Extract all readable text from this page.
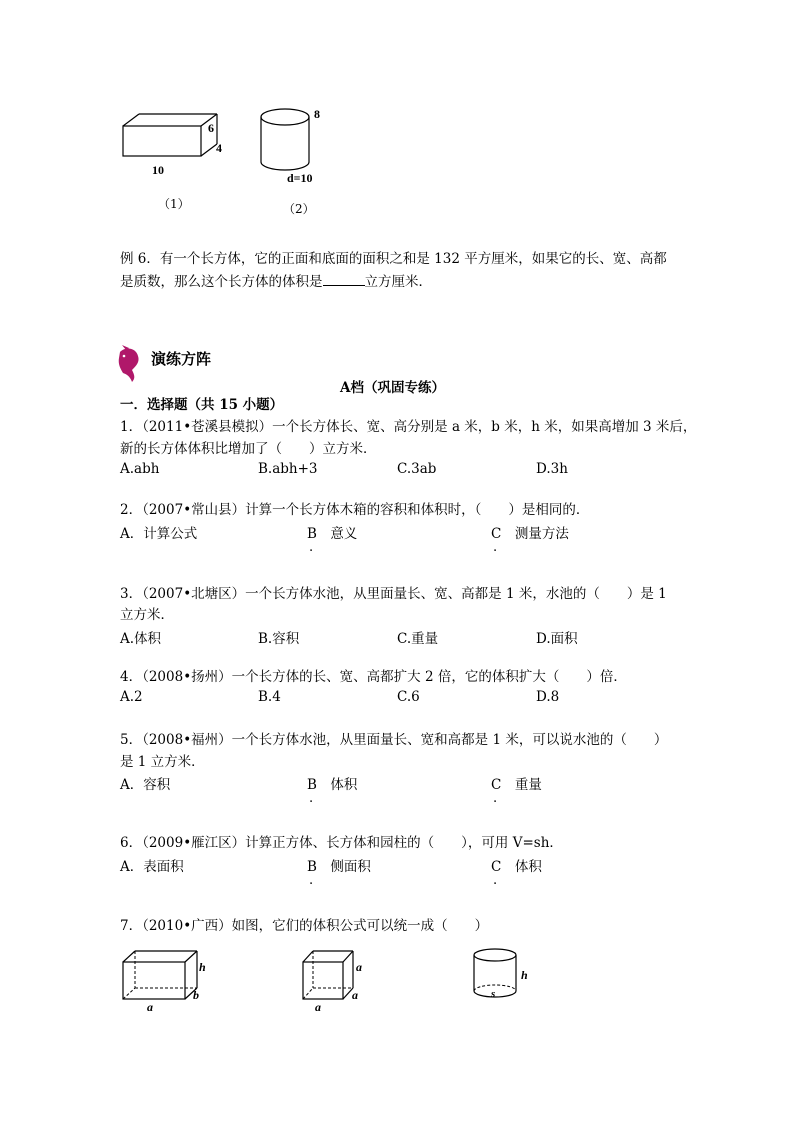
6
4
10
（1）
8
d=10
（2）
例 6．有一个长方体，它的正面和底面的面积之和是 132 平方厘米，如果它的长、宽、高都
是质数，那么这个长方体的体积是	立方厘米．
演练方阵
A档（巩固专练）
一．选择题（共 15 小题）
1．（2011•苍溪县模拟）一个长方体长、宽、高分别是 a 米，b 米，h 米，如果高增加 3 米后，
新的长方体体积比增加了（　　）立方米．
A.abh	B.abh+3	C.3ab	D.3h
2．（2007•常山县）计算一个长方体木箱的容积和体积时，（　　）是相同的．
A．计算公式	B　意义
.
C　测量方法
.
3．（2007•北塘区）一个长方体水池，从里面量长、宽、高都是 1 米，水池的（　　）是 1
立方米．
A.体积	B.容积	C.重量	D.面积
4．（2008•扬州）一个长方体的长、宽、高都扩大 2 倍，它的体积扩大（　　）倍．
A.2	B.4	C.6	D.8
5．（2008•福州）一个长方体水池，从里面量长、宽和高都是 1 米，可以说水池的（　　）
是 1 立方米．
A．容积	B　体积
.
C　重量
.
6．（2009•雁江区）计算正方体、长方体和园柱的（　　），可用 V=sh．
A．表面积	B　侧面积
.
C　体积
.
7．（2010•广西）如图，它们的体积公式可以统一成（　　）
h
b
a
a
a
a
h
s
